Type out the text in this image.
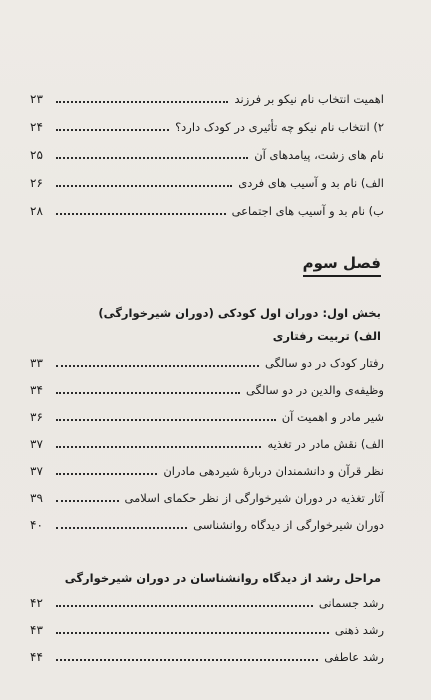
اهمیت انتخاب نام نیکو بر فرزند
۲۳
۲) انتخاب نام نیکو چه تأثیری در کودک دارد؟
۲۴
نام های زشت، پیامدهای آن
۲۵
الف) نام بد و آسیب های فردی
۲۶
ب) نام بد و آسیب های اجتماعی
۲۸
فصل سوم
بخش اول: دوران اول کودکی (دوران شیرخوارگی)
الف) تربیت رفتاری
رفتار کودک در دو سالگی
۳۳
وظیفه‌ی والدین در دو سالگی
۳۴
شیر مادر و اهمیت آن
۳۶
الف) نقش مادر در تغذیه
۳۷
نظر قرآن و دانشمندان دربارهٔ شیردهی مادران
۳۷
آثار تغذیه در دوران شیرخوارگی از نظر حکمای اسلامی
۳۹
دوران شیرخوارگی از دیدگاه روانشناسی
۴۰
مراحل رشد از دیدگاه روانشناسان در دوران شیرخوارگی
رشد جسمانی
۴۲
رشد ذهنی
۴۳
رشد عاطفی
۴۴
